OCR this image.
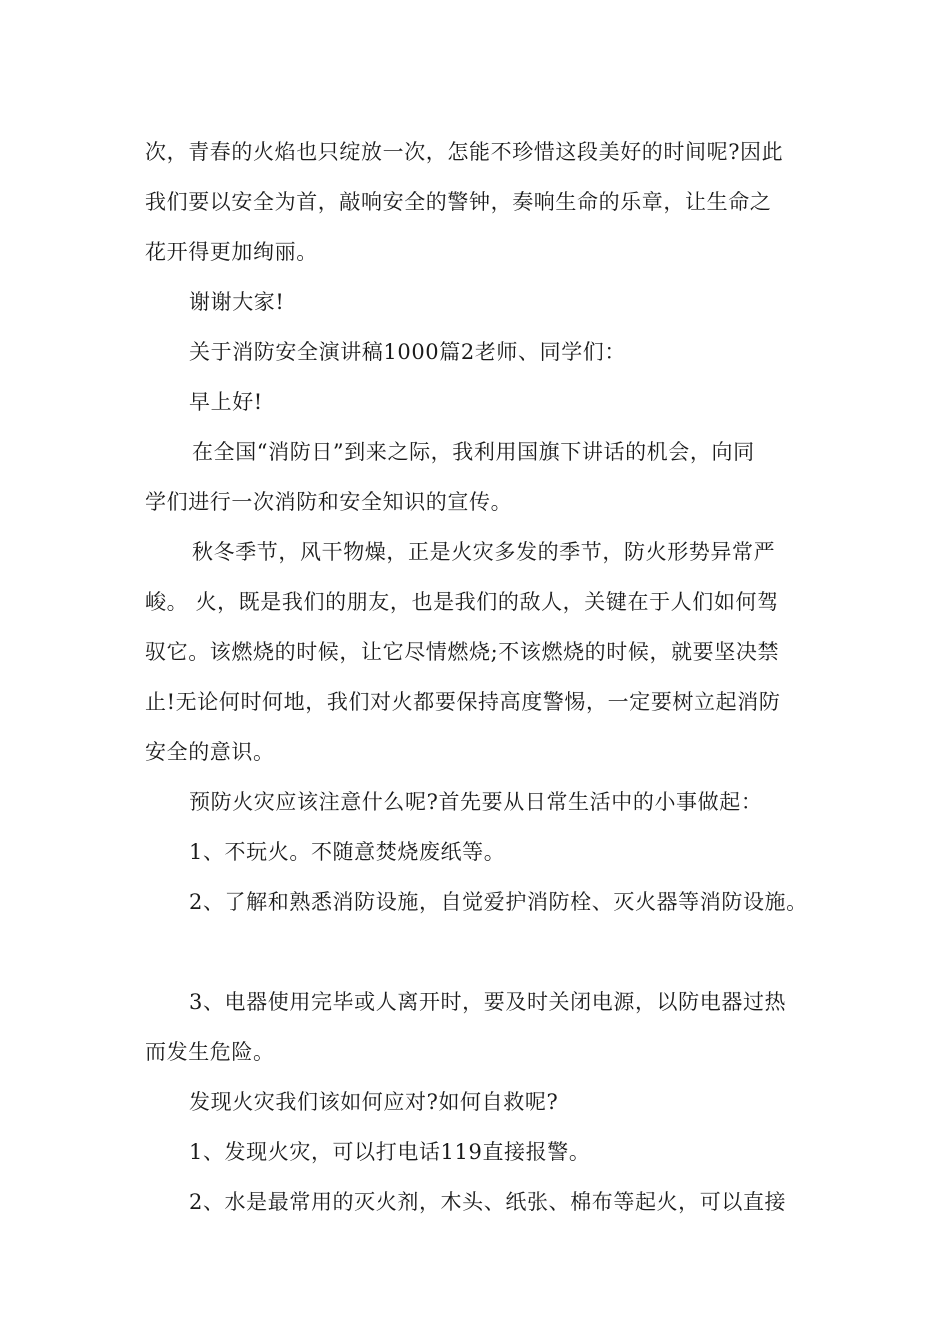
次，青春的火焰也只绽放一次，怎能不珍惜这段美好的时间呢?因此
我们要以安全为首，敲响安全的警钟，奏响生命的乐章，让生命之
花开得更加绚丽。
谢谢大家!
关于消防安全演讲稿1000篇2老师、同学们：
早上好!
在全国“消防日”到来之际，我利用国旗下讲话的机会，向同
学们进行一次消防和安全知识的宣传。
秋冬季节，风干物燥，正是火灾多发的季节，防火形势异常严
峻。 火，既是我们的朋友，也是我们的敌人，关键在于人们如何驾
驭它。该燃烧的时候，让它尽情燃烧;不该燃烧的时候，就要坚决禁
止!无论何时何地，我们对火都要保持高度警惕，一定要树立起消防
安全的意识。
预防火灾应该注意什么呢?首先要从日常生活中的小事做起：
1、不玩火。不随意焚烧废纸等。
2、了解和熟悉消防设施，自觉爱护消防栓、灭火器等消防设施。
3、电器使用完毕或人离开时，要及时关闭电源，以防电器过热
而发生危险。
发现火灾我们该如何应对?如何自救呢?
1、发现火灾，可以打电话119直接报警。
2、水是最常用的灭火剂，木头、纸张、棉布等起火，可以直接
